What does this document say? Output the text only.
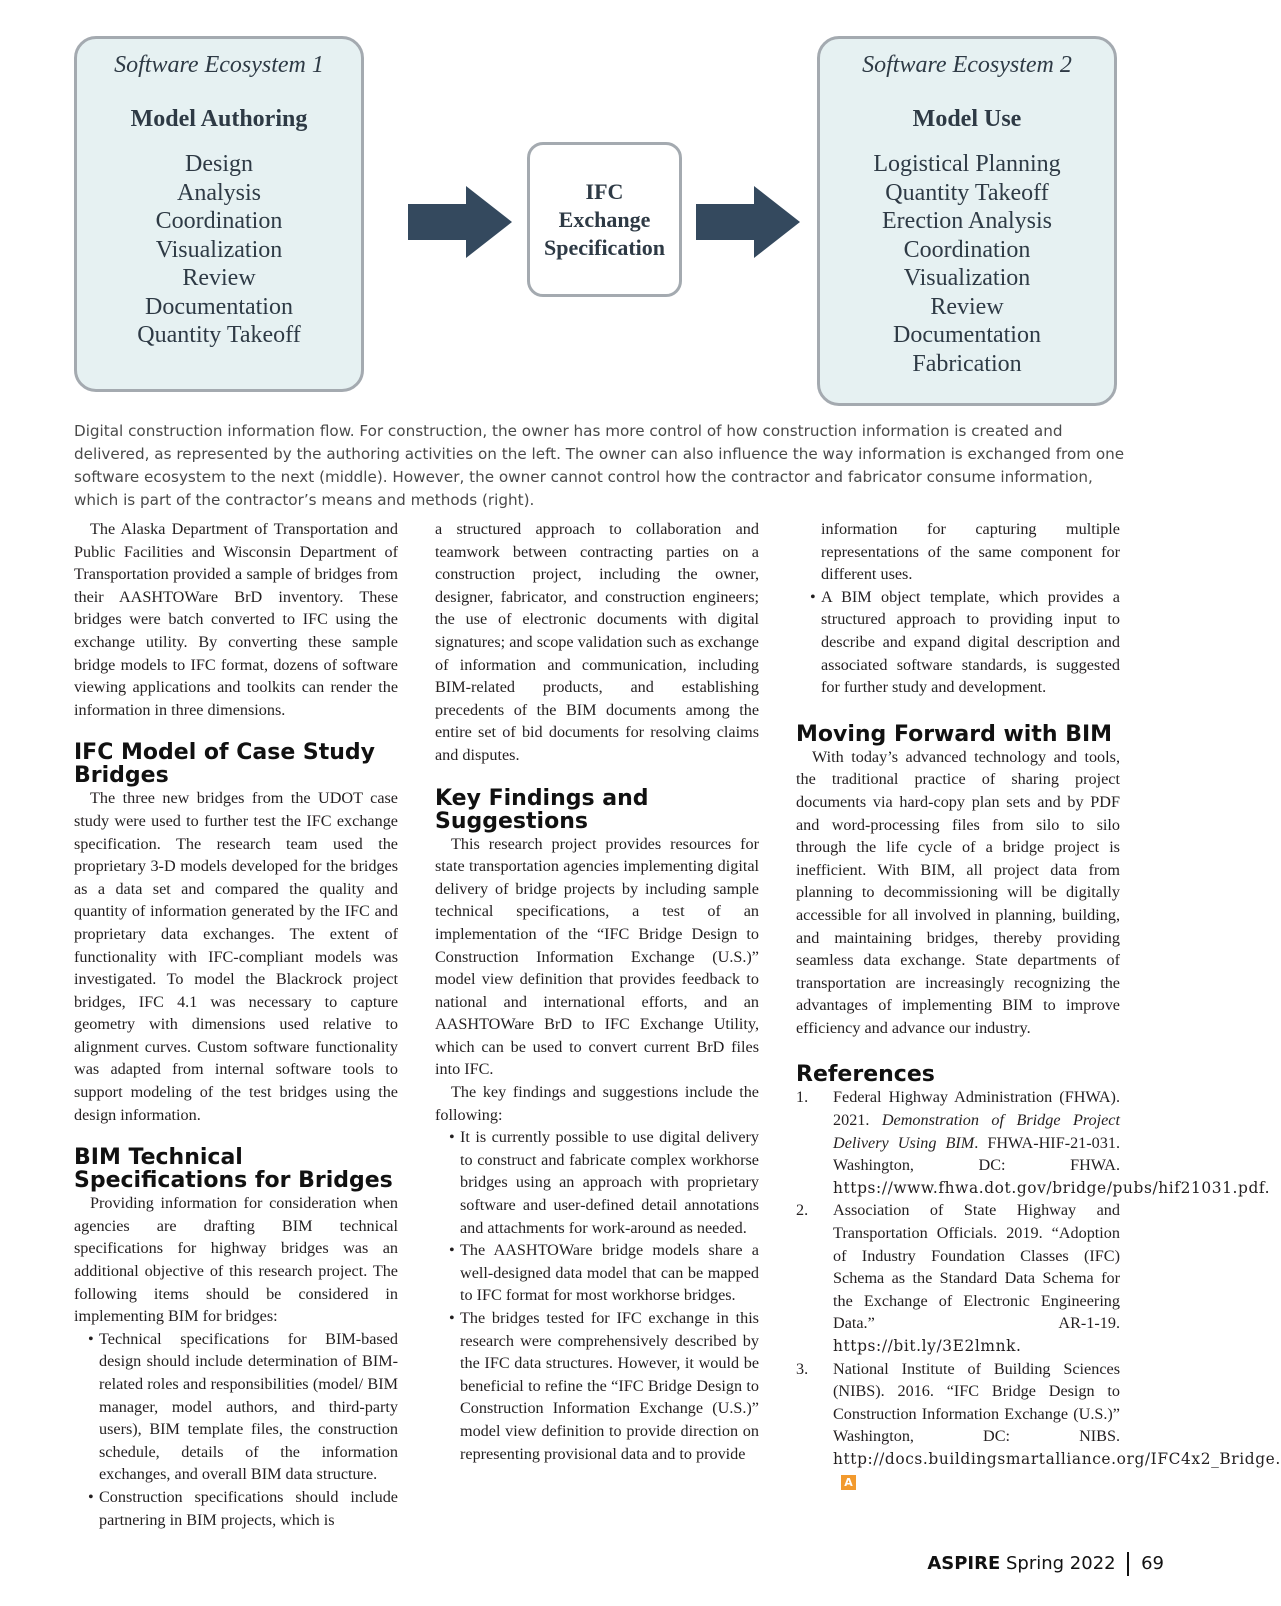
Software Ecosystem 1
Model Authoring
Design
Analysis
Coordination
Visualization
Review
Documentation
Quantity Takeoff
IFC
Exchange
Specification
Software Ecosystem 2
Model Use
Logistical Planning
Quantity Takeoff
Erection Analysis
Coordination
Visualization
Review
Documentation
Fabrication

Digital construction information flow. For construction, the owner has more control of how construction information is created and delivered, as represented by the authoring activities on the left. The owner can also influence the way information is exchanged from one software ecosystem to the next (middle). However, the owner cannot control how the contractor and fabricator consume information, which is part of the contractor’s means and methods (right).

The Alaska Department of Transportation and Public Facilities and Wisconsin Department of Transportation provided a sample of bridges from their AASHTOWare BrD inventory. These bridges were batch converted to IFC using the exchange utility. By converting these sample bridge models to IFC format, dozens of software viewing applications and toolkits can render the information in three dimensions.

IFC Model of Case Study Bridges

The three new bridges from the UDOT case study were used to further test the IFC exchange specification. The research team used the proprietary 3-D models developed for the bridges as a data set and compared the quality and quantity of information generated by the IFC and proprietary data exchanges. The extent of functionality with IFC-compliant models was investigated. To model the Blackrock project bridges, IFC 4.1 was necessary to capture geometry with dimensions used relative to alignment curves. Custom software functionality was adapted from internal software tools to support modeling of the test bridges using the design information.

BIM Technical Specifications for Bridges

Providing information for consideration when agencies are drafting BIM technical specifications for highway bridges was an additional objective of this research project. The following items should be considered in implementing BIM for bridges:

• Technical specifications for BIM-based design should include determination of BIM-related roles and responsibilities (model/ BIM manager, model authors, and third-party users), BIM template files, the construction schedule, details of the information exchanges, and overall BIM data structure.
• Construction specifications should include partnering in BIM projects, which is

a structured approach to collaboration and teamwork between contracting parties on a construction project, including the owner, designer, fabricator, and construction engineers; the use of electronic documents with digital signatures; and scope validation such as exchange of information and communication, including BIM-related products, and establishing precedents of the BIM documents among the entire set of bid documents for resolving claims and disputes.

Key Findings and Suggestions

This research project provides resources for state transportation agencies implementing digital delivery of bridge projects by including sample technical specifications, a test of an implementation of the “IFC Bridge Design to Construction Information Exchange (U.S.)” model view definition that provides feedback to national and international efforts, and an AASHTOWare BrD to IFC Exchange Utility, which can be used to convert current BrD files into IFC.

The key findings and suggestions include the following:

• It is currently possible to use digital delivery to construct and fabricate complex workhorse bridges using an approach with proprietary software and user-defined detail annotations and attachments for work-around as needed.
• The AASHTOWare bridge models share a well-designed data model that can be mapped to IFC format for most workhorse bridges.
• The bridges tested for IFC exchange in this research were comprehensively described by the IFC data structures. However, it would be beneficial to refine the “IFC Bridge Design to Construction Information Exchange (U.S.)” model view definition to provide direction on representing provisional data and to provide

information for capturing multiple representations of the same component for different uses.

• A BIM object template, which provides a structured approach to providing input to describe and expand digital description and associated software standards, is suggested for further study and development.
Moving Forward with BIM

With today’s advanced technology and tools, the traditional practice of sharing project documents via hard-copy plan sets and by PDF and word-processing files from silo to silo through the life cycle of a bridge project is inefficient. With BIM, all project data from planning to decommissioning will be digitally accessible for all involved in planning, building, and maintaining bridges, thereby providing seamless data exchange. State departments of transportation are increasingly recognizing the advantages of implementing BIM to improve efficiency and advance our industry.

References
1. Federal Highway Administration (FHWA). 2021. Demonstration of Bridge Project Delivery Using BIM. FHWA-HIF-21-031. Washington, DC: FHWA. https://www.fhwa.dot.gov/bridge/pubs/hif21031.pdf.
2. Association of State Highway and Transportation Officials. 2019. “Adoption of Industry Foundation Classes (IFC) Schema as the Standard Data Schema for the Exchange of Electronic Engineering Data.” AR-1-19. https://bit.ly/3E2lmnk.
3. National Institute of Building Sciences (NIBS). 2016. “IFC Bridge Design to Construction Information Exchange (U.S.)” Washington, DC: NIBS. http://docs.buildingsmartalliance.org/IFC4x2_Bridge.A
ASPIRE Spring 2022 69
